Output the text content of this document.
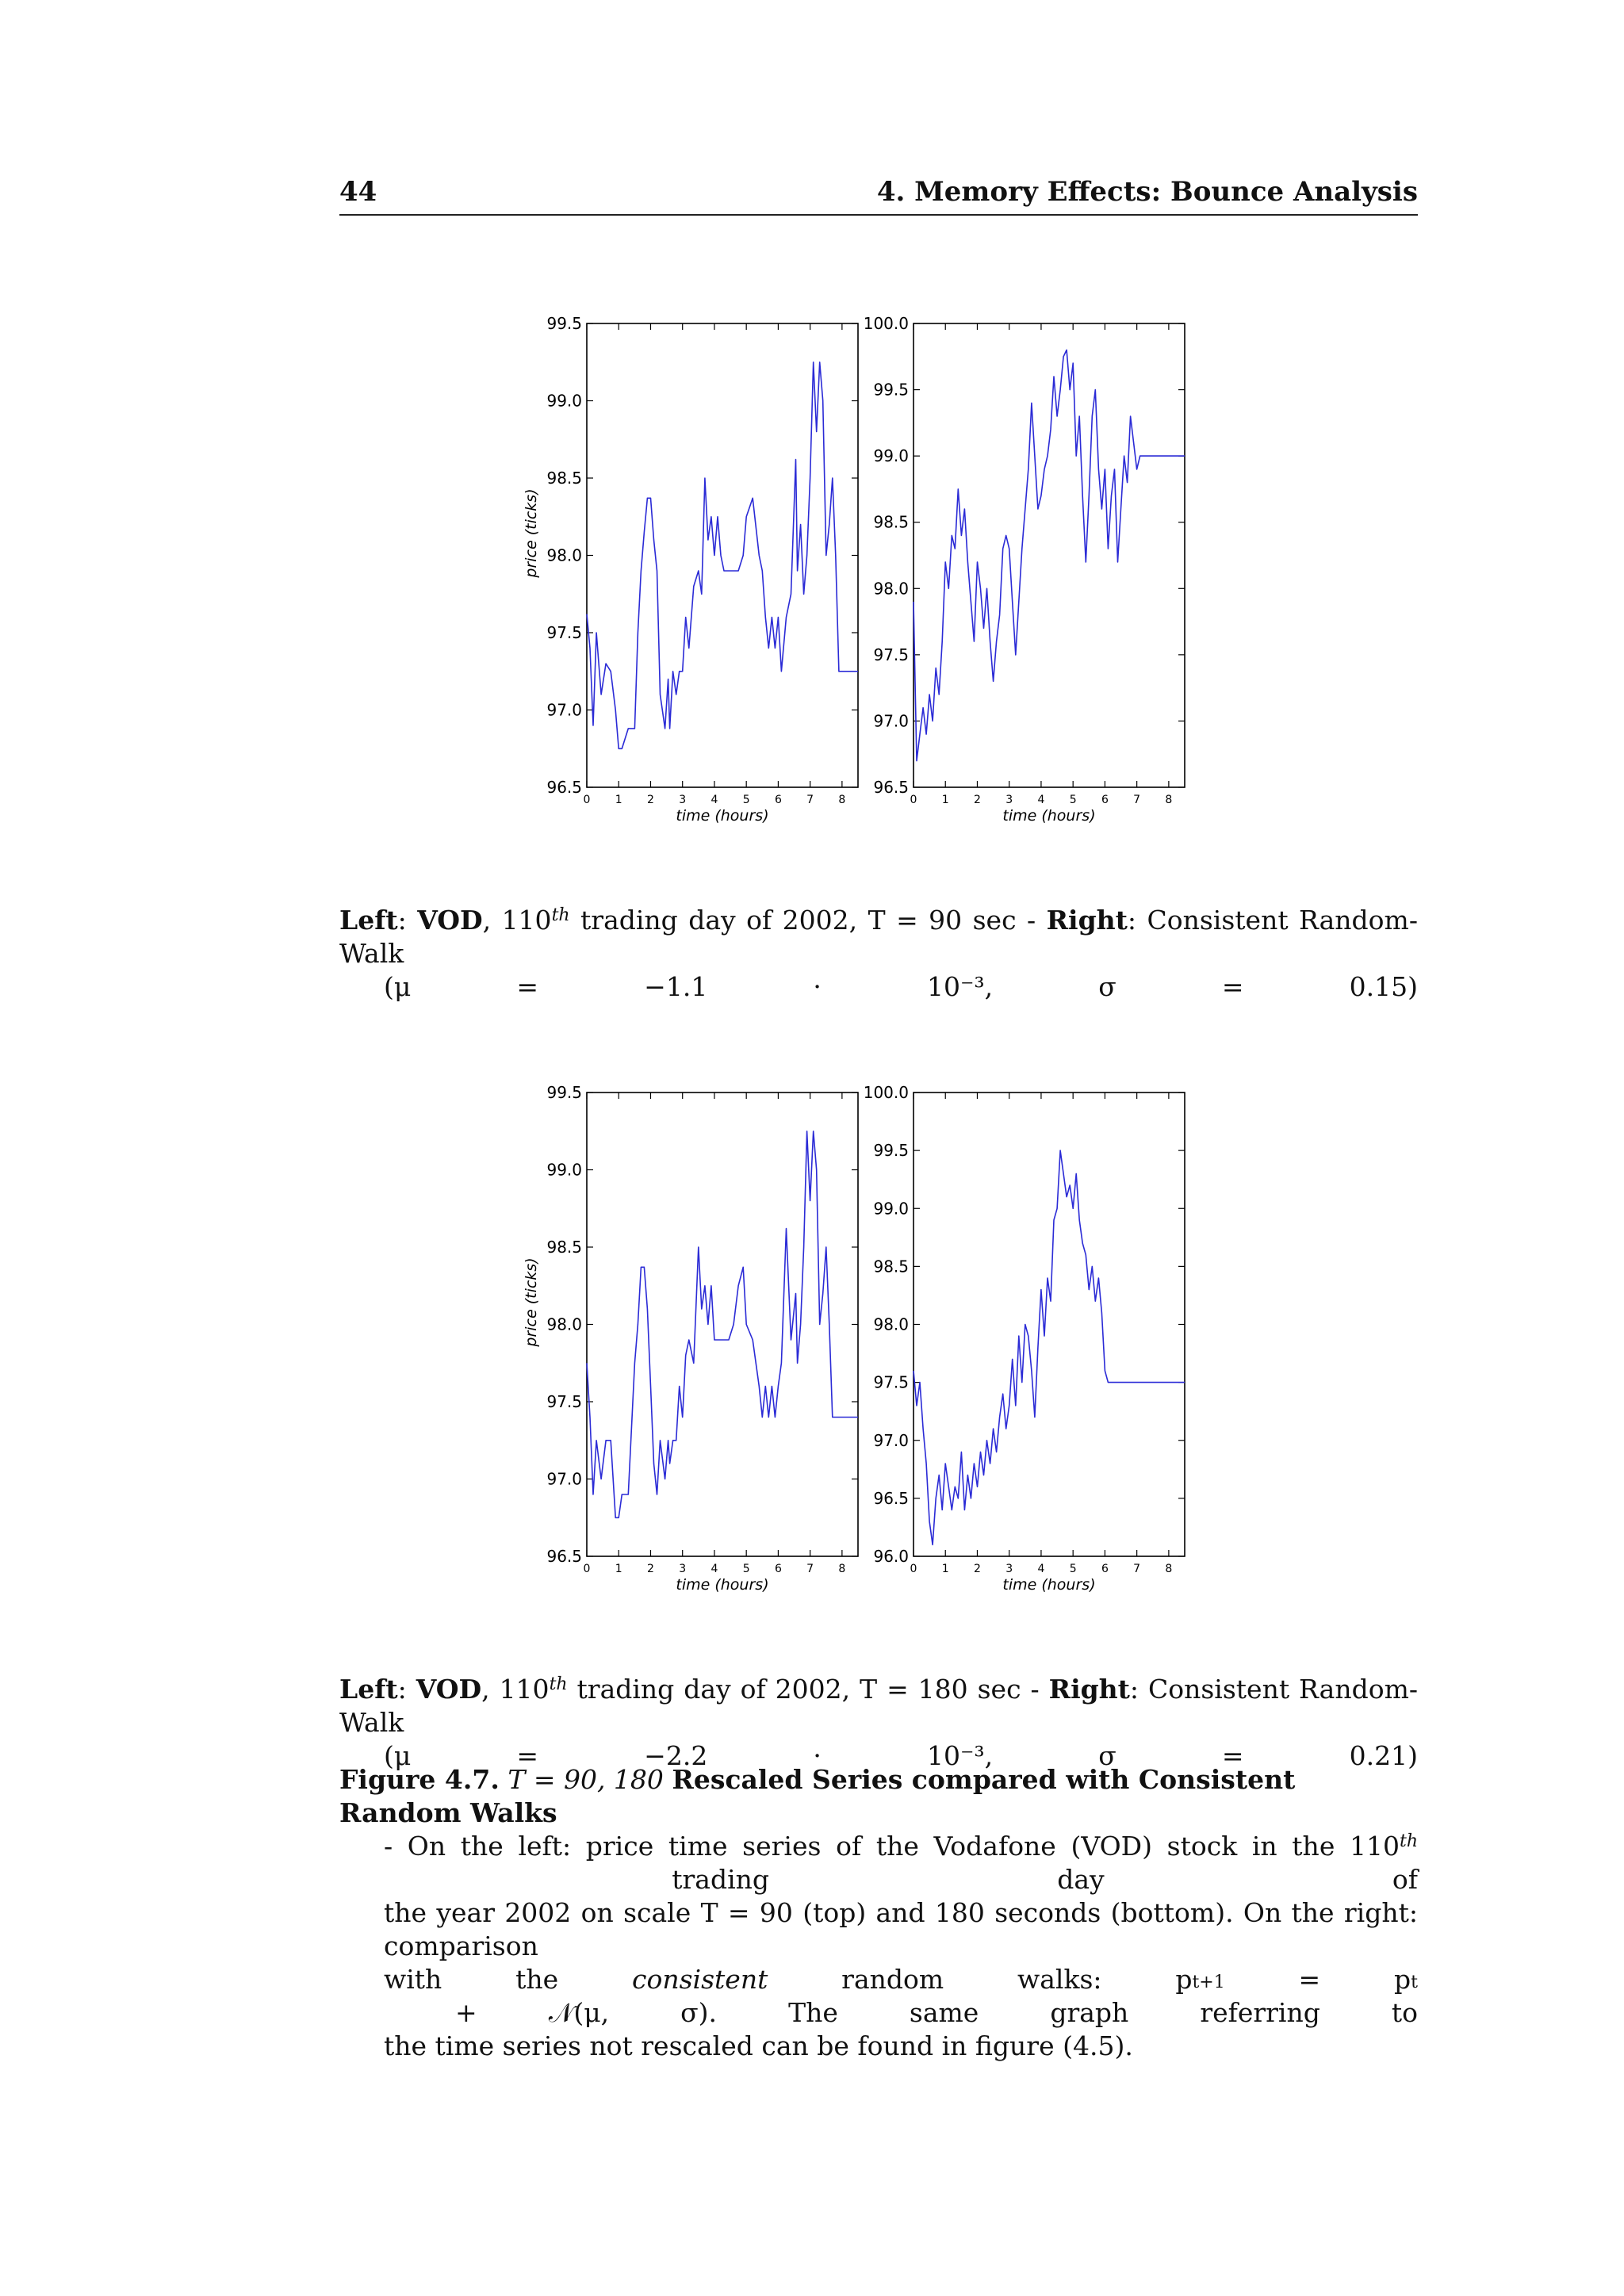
44	4. Memory Effects: Bounce Analysis
96.5
97.0
97.5
98.0
98.5
99.0
99.5
0 1 2 3 4 5 6 7 8
time (hours)
price (ticks)
96.5
97.0
97.5
98.0
98.5
99.0
99.5
100.0
0 1 2 3 4 5 6 7 8
time (hours)
Left: VOD, 110th trading day of 2002, T = 90 sec - Right: Consistent Random-Walk
(μ = −1.1 · 10⁻³, σ = 0.15)
96.5
97.0
97.5
98.0
98.5
99.0
99.5
0 1 2 3 4 5 6 7 8
time (hours)
price (ticks)
96.0
96.5
97.0
97.5
98.0
98.5
99.0
99.5
100.0
0 1 2 3 4 5 6 7 8
time (hours)
Left: VOD, 110th trading day of 2002, T = 180 sec - Right: Consistent Random-Walk
(μ = −2.2 · 10⁻³, σ = 0.21)
Figure 4.7. T = 90, 180 Rescaled Series compared with Consistent Random Walks
- On the left: price time series of the Vodafone (VOD) stock in the 110th trading day of
the year 2002 on scale T = 90 (top) and 180 seconds (bottom). On the right: comparison
with the consistent random walks: $p_{t+1} = p_t$ + 𝒩(μ, σ). The same graph referring to
the time series not rescaled can be found in figure (4.5).
